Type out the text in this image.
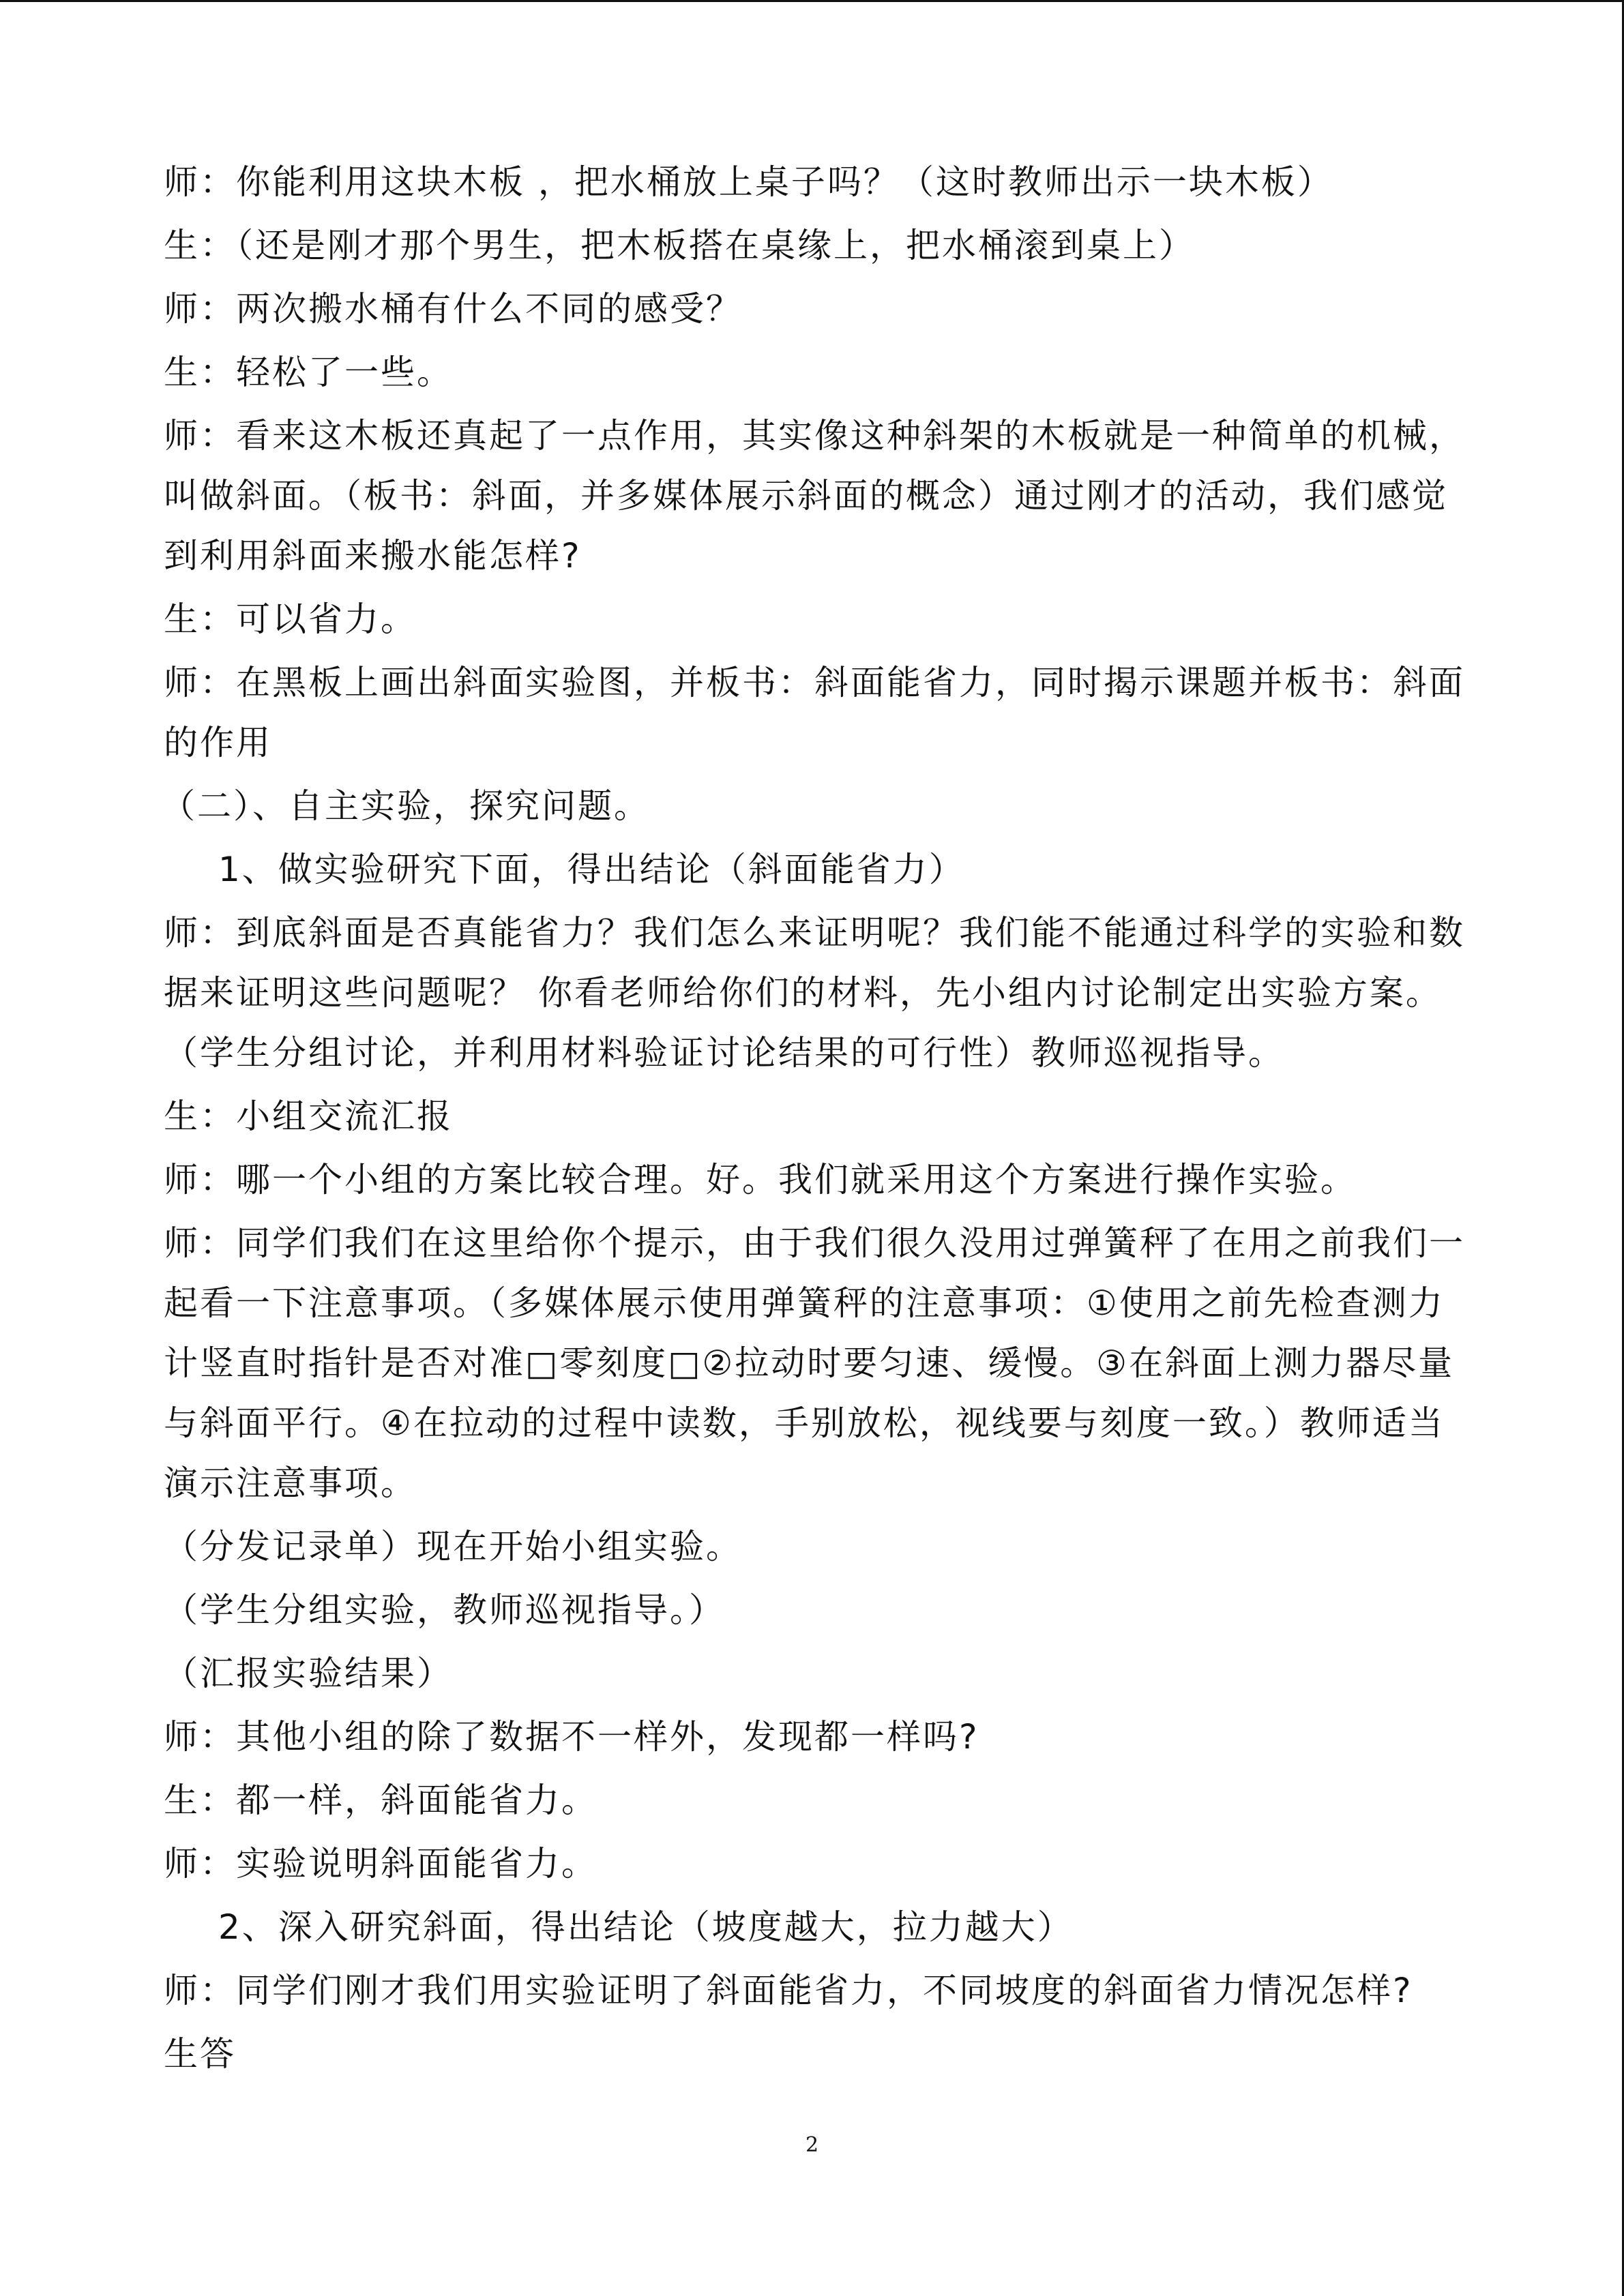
师：你能利用这块木板 ，把水桶放上桌子吗？（这时教师出示一块木板）

生：（还是刚才那个男生，把木板搭在桌缘上，把水桶滚到桌上）

师：两次搬水桶有什么不同的感受？

生：轻松了一些。

师：看来这木板还真起了一点作用，其实像这种斜架的木板就是一种简单的机械，叫做斜面。（板书：斜面，并多媒体展示斜面的概念）通过刚才的活动，我们感觉到利用斜面来搬水能怎样?

生：可以省力。

师：在黑板上画出斜面实验图，并板书：斜面能省力，同时揭示课题并板书：斜面的作用

（二）、自主实验，探究问题。

1、做实验研究下面，得出结论（斜面能省力）

师：到底斜面是否真能省力？我们怎么来证明呢？我们能不能通过科学的实验和数据来证明这些问题呢？ 你看老师给你们的材料，先小组内讨论制定出实验方案。（学生分组讨论，并利用材料验证讨论结果的可行性）教师巡视指导。

生：小组交流汇报

师：哪一个小组的方案比较合理。好。我们就采用这个方案进行操作实验。

师：同学们我们在这里给你个提示，由于我们很久没用过弹簧秤了在用之前我们一起看一下注意事项。（多媒体展示使用弹簧秤的注意事项：①使用之前先检查测力计竖直时指针是否对准□零刻度□②拉动时要匀速、缓慢。③在斜面上测力器尽量与斜面平行。④在拉动的过程中读数，手别放松，视线要与刻度一致。）教师适当演示注意事项。

（分发记录单）现在开始小组实验。

（学生分组实验，教师巡视指导。）

（汇报实验结果）

师：其他小组的除了数据不一样外，发现都一样吗?

生：都一样，斜面能省力。

师：实验说明斜面能省力。

2、深入研究斜面，得出结论（坡度越大，拉力越大）

师：同学们刚才我们用实验证明了斜面能省力，不同坡度的斜面省力情况怎样?

生答

2
